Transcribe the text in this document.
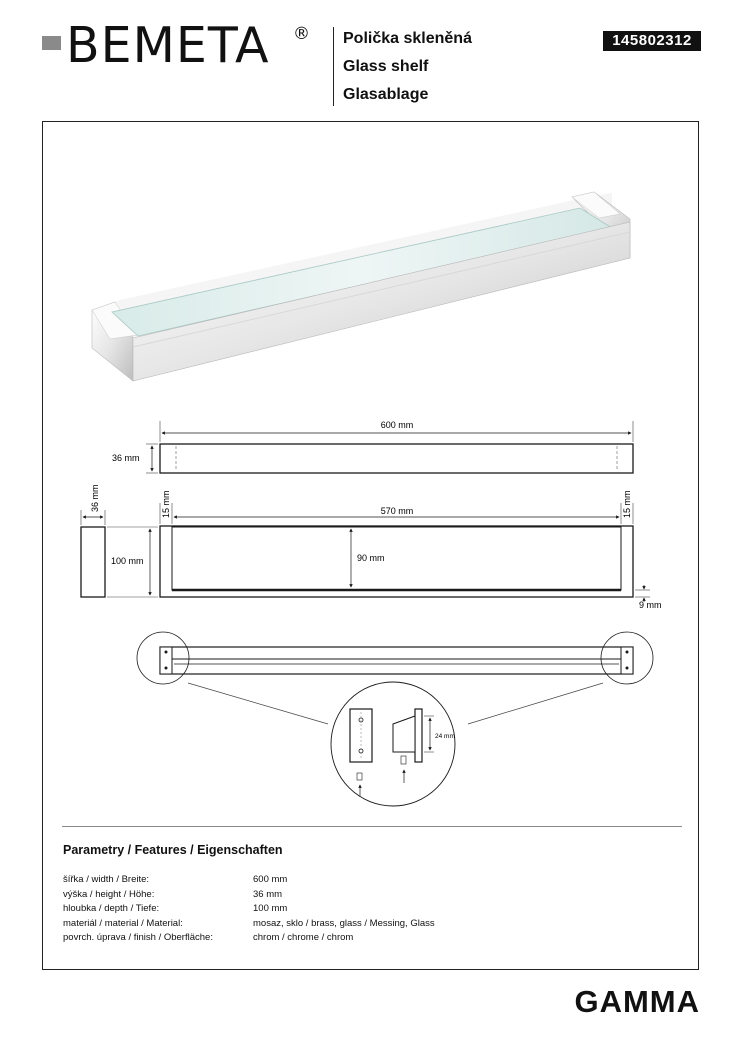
BEMETA ® Polička skleněná
Glass shelf
Glasablage
145802312
600 mm
36 mm
36 mm
100 mm
570 mm
15 mm	15 mm
90 mm
9 mm
24 mm
Parametry / Features / Eigenschaften
šířka / width / Breite:	600 mm
výška / height / Höhe:	36 mm
hloubka / depth / Tiefe:	100 mm
materiál / material / Material:	mosaz, sklo / brass, glass / Messing, Glass
povrch. úprava / finish / Oberfläche:	chrom / chrome / chrom
GAMMA
